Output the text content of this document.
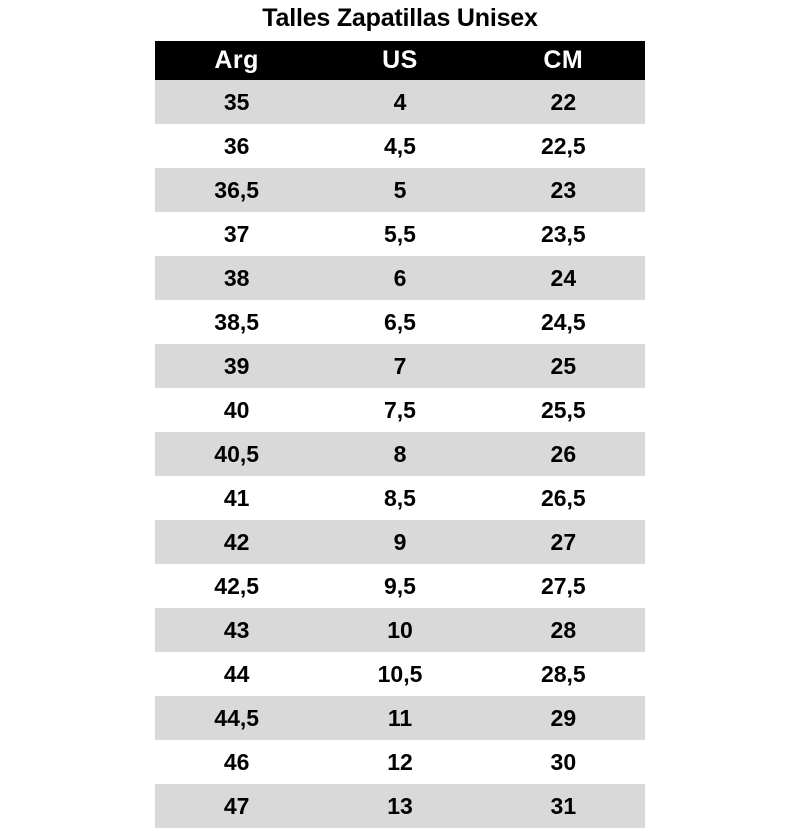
Talles Zapatillas Unisex
Arg	US	CM
35	4	22
36	4,5	22,5
36,5	5	23
37	5,5	23,5
38	6	24
38,5	6,5	24,5
39	7	25
40	7,5	25,5
40,5	8	26
41	8,5	26,5
42	9	27
42,5	9,5	27,5
43	10	28
44	10,5	28,5
44,5	11	29
46	12	30
47	13	31
